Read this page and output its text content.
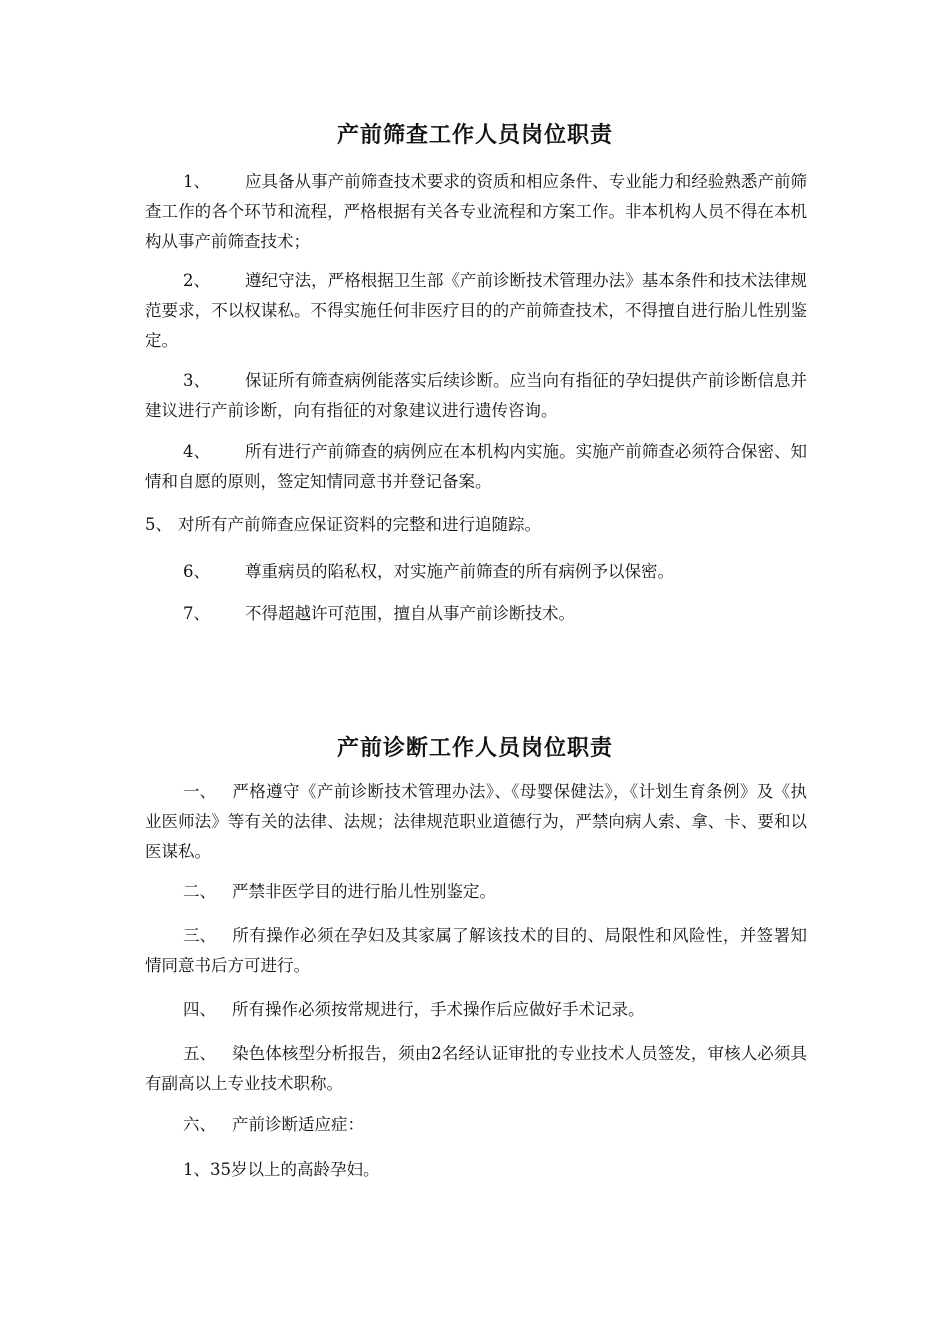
产前筛查工作人员岗位职责

1、 应具备从事产前筛查技术要求的资质和相应条件、专业能力和经验熟悉产前筛查工作的各个环节和流程，严格根据有关各专业流程和方案工作。非本机构人员不得在本机构从事产前筛查技术；

2、 遵纪守法，严格根据卫生部《产前诊断技术管理办法》基本条件和技术法律规范要求，不以权谋私。不得实施任何非医疗目的的产前筛查技术，不得擅自进行胎儿性别鉴定。

3、 保证所有筛查病例能落实后续诊断。应当向有指征的孕妇提供产前诊断信息并建议进行产前诊断，向有指征的对象建议进行遗传咨询。

4、 所有进行产前筛查的病例应在本机构内实施。实施产前筛查必须符合保密、知情和自愿的原则，签定知情同意书并登记备案。

5、 对所有产前筛查应保证资料的完整和进行追随踪。

6、 尊重病员的陷私权，对实施产前筛查的所有病例予以保密。

7、 不得超越许可范围，擅自从事产前诊断技术。

产前诊断工作人员岗位职责

一、 严格遵守《产前诊断技术管理办法》、《母婴保健法》，《计划生育条例》及《执业医师法》等有关的法律、法规；法律规范职业道德行为，严禁向病人索、拿、卡、要和以医谋私。

二、 严禁非医学目的进行胎儿性别鉴定。

三、 所有操作必须在孕妇及其家属了解该技术的目的、局限性和风险性，并签署知情同意书后方可进行。

四、 所有操作必须按常规进行，手术操作后应做好手术记录。

五、 染色体核型分析报告，须由2名经认证审批的专业技术人员签发，审核人必须具有副高以上专业技术职称。

六、 产前诊断适应症：

1、35岁以上的高龄孕妇。
